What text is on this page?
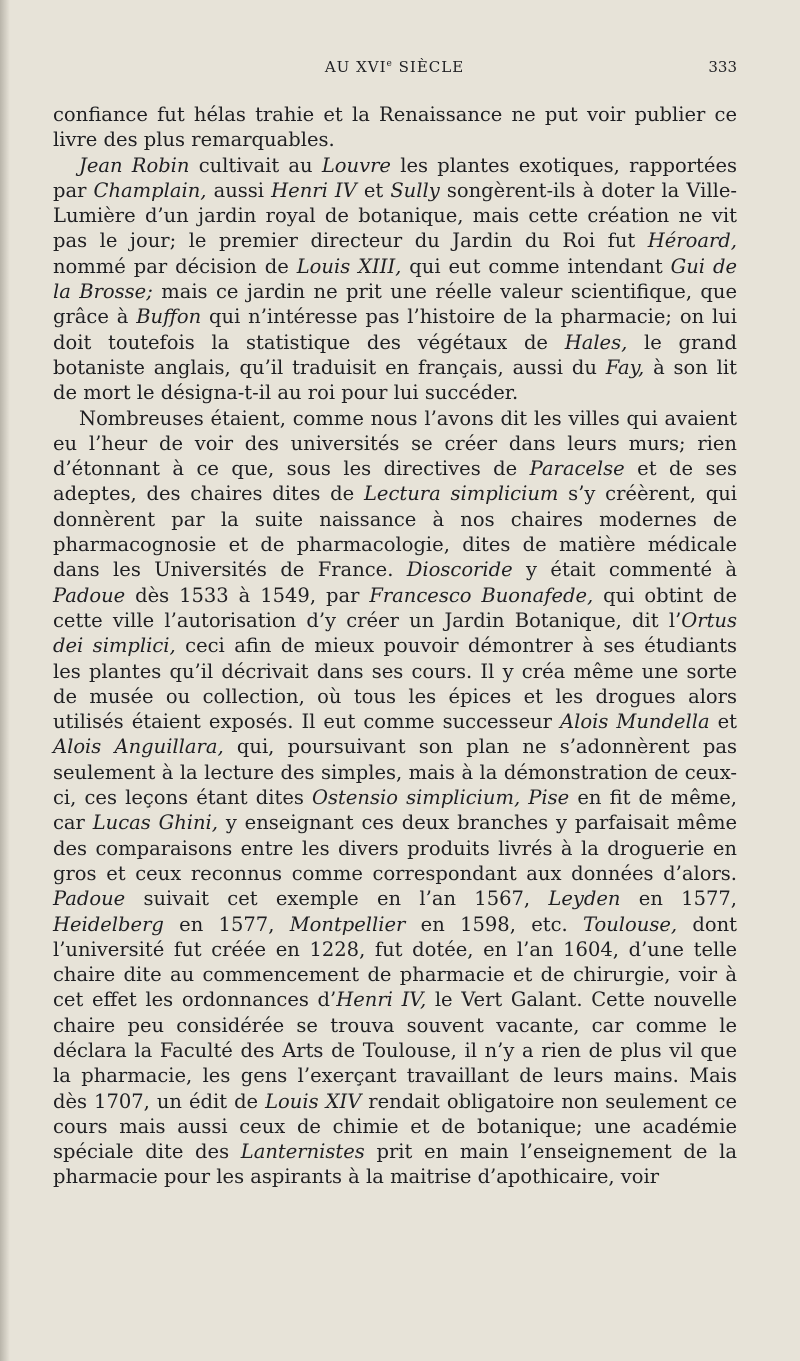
AU XVIe SIÈCLE	333

confiance fut hélas trahie et la Renaissance ne put voir publier ce livre des plus remarquables.

Jean Robin cultivait au Louvre les plantes exotiques, rapportées par Champlain, aussi Henri IV et Sully songèrent-ils à doter la Ville-Lumière d’un jardin royal de botanique, mais cette création ne vit pas le jour; le premier directeur du Jardin du Roi fut Héroard, nommé par décision de Louis XIII, qui eut comme intendant Gui de la Brosse; mais ce jardin ne prit une réelle valeur scientifique, que grâce à Buffon qui n’intéresse pas l’histoire de la pharmacie; on lui doit toutefois la statistique des végétaux de Hales, le grand botaniste anglais, qu’il traduisit en français, aussi du Fay, à son lit de mort le désigna-t-il au roi pour lui succéder.

Nombreuses étaient, comme nous l’avons dit les villes qui avaient eu l’heur de voir des universités se créer dans leurs murs; rien d’étonnant à ce que, sous les directives de Paracelse et de ses adeptes, des chaires dites de Lectura simplicium s’y créèrent, qui donnèrent par la suite naissance à nos chaires modernes de pharmacognosie et de pharmacologie, dites de matière médicale dans les Universités de France. Dioscoride y était commenté à Padoue dès 1533 à 1549, par Francesco Buonafede, qui obtint de cette ville l’autorisation d’y créer un Jardin Botanique, dit l’Ortus dei simplici, ceci afin de mieux pouvoir démontrer à ses étudiants les plantes qu’il décrivait dans ses cours. Il y créa même une sorte de musée ou collection, où tous les épices et les drogues alors utilisés étaient exposés. Il eut comme successeur Alois Mundella et Alois Anguillara, qui, poursuivant son plan ne s’adonnèrent pas seulement à la lecture des simples, mais à la démonstration de ceux-ci, ces leçons étant dites Ostensio simplicium, Pise en fit de même, car Lucas Ghini, y enseignant ces deux branches y parfaisait même des comparaisons entre les divers produits livrés à la droguerie en gros et ceux reconnus comme correspondant aux données d’alors. Padoue suivait cet exemple en l’an 1567, Leyden en 1577, Heidelberg en 1577, Montpellier en 1598, etc. Toulouse, dont l’université fut créée en 1228, fut dotée, en l’an 1604, d’une telle chaire dite au commencement de pharmacie et de chirurgie, voir à cet effet les ordonnances d’Henri IV, le Vert Galant. Cette nouvelle chaire peu considérée se trouva souvent vacante, car comme le déclara la Faculté des Arts de Toulouse, il n’y a rien de plus vil que la pharmacie, les gens l’exerçant travaillant de leurs mains. Mais dès 1707, un édit de Louis XIV rendait obligatoire non seulement ce cours mais aussi ceux de chimie et de botanique; une académie spéciale dite des Lanternistes prit en main l’enseignement de la pharmacie pour les aspirants à la maitrise d’apothicaire, voir
